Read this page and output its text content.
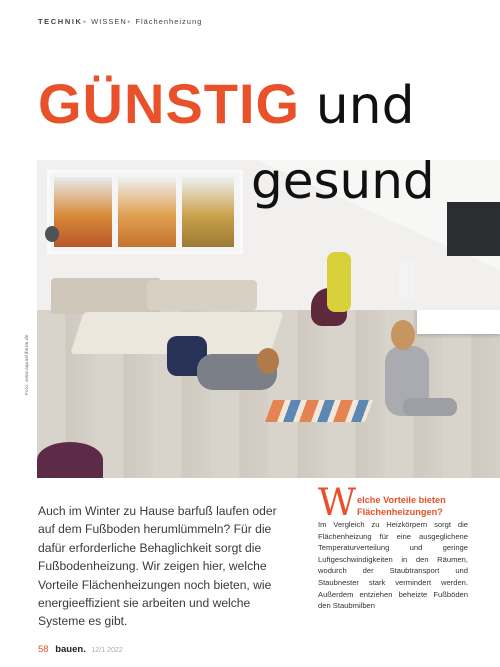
TECHNIK▸ WISSEN▸ Flächenheizung
GÜNSTIG und
gesund
Foto: www.aquaeltherm.de
Auch im Winter zu Hause barfuß laufen oder auf dem Fußboden herumlümmeln? Für die dafür erforderliche Behaglichkeit sorgt die Fußbodenheizung. Wir zeigen hier, welche Vorteile Flächenheizungen noch bieten, wie energieeffizient sie arbeiten und welche Systeme es gibt.
W elche Vorteile bieten
Flächenheizungen?
Im Vergleich zu Heizkörpern sorgt die Flächenheizung für eine ausgeglichene Temperaturverteilung und geringe Luftgeschwindigkeiten in den Räumen, wodurch der Staubtransport und Staubnester stark vermindert werden. Außerdem entziehen beheizte Fußböden den Staubmilben
58 bauen. 12/1 2022
